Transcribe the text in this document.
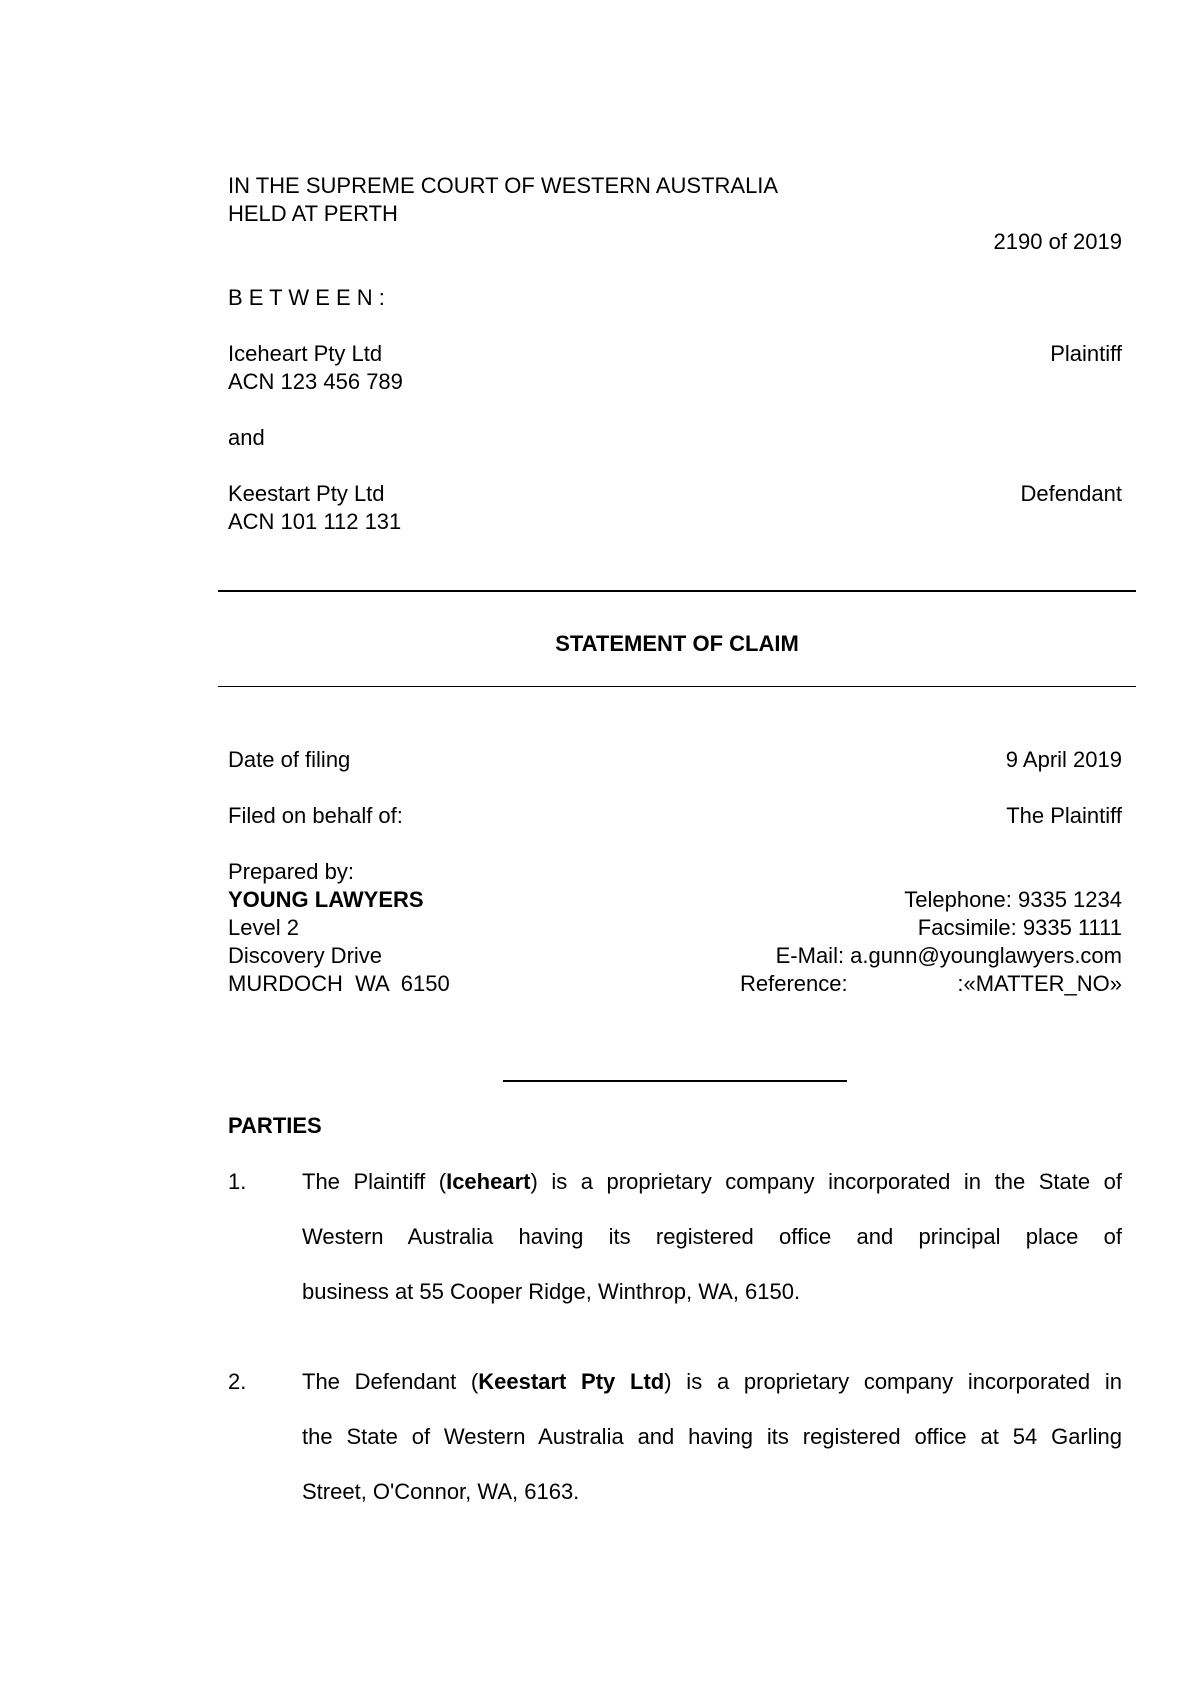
IN THE SUPREME COURT OF WESTERN AUSTRALIA

HELD AT PERTH

2190 of 2019

B E T W E E N :

Iceheart Pty Ltd

ACN 123 456 789

Plaintiff

and

Keestart Pty Ltd

ACN 101 112 131

Defendant

STATEMENT OF CLAIM

Date of filing	9 April 2019

Filed on behalf of:	The Plaintiff

Prepared by:

YOUNG LAWYERS

Level 2

Discovery Drive

MURDOCH  WA  6150

Telephone: 9335 1234

Facsimile: 9335 1111

E-Mail: a.gunn@younglawyers.com

Reference:	:«MATTER_NO»

PARTIES

1.	The Plaintiff (Iceheart) is a proprietary company incorporated in the State of
Western Australia having its registered office and principal place of
business at 55 Cooper Ridge, Winthrop, WA, 6150.

2.	The Defendant (Keestart Pty Ltd) is a proprietary company incorporated in
the State of Western Australia and having its registered office at 54 Garling
Street, O'Connor, WA, 6163.
